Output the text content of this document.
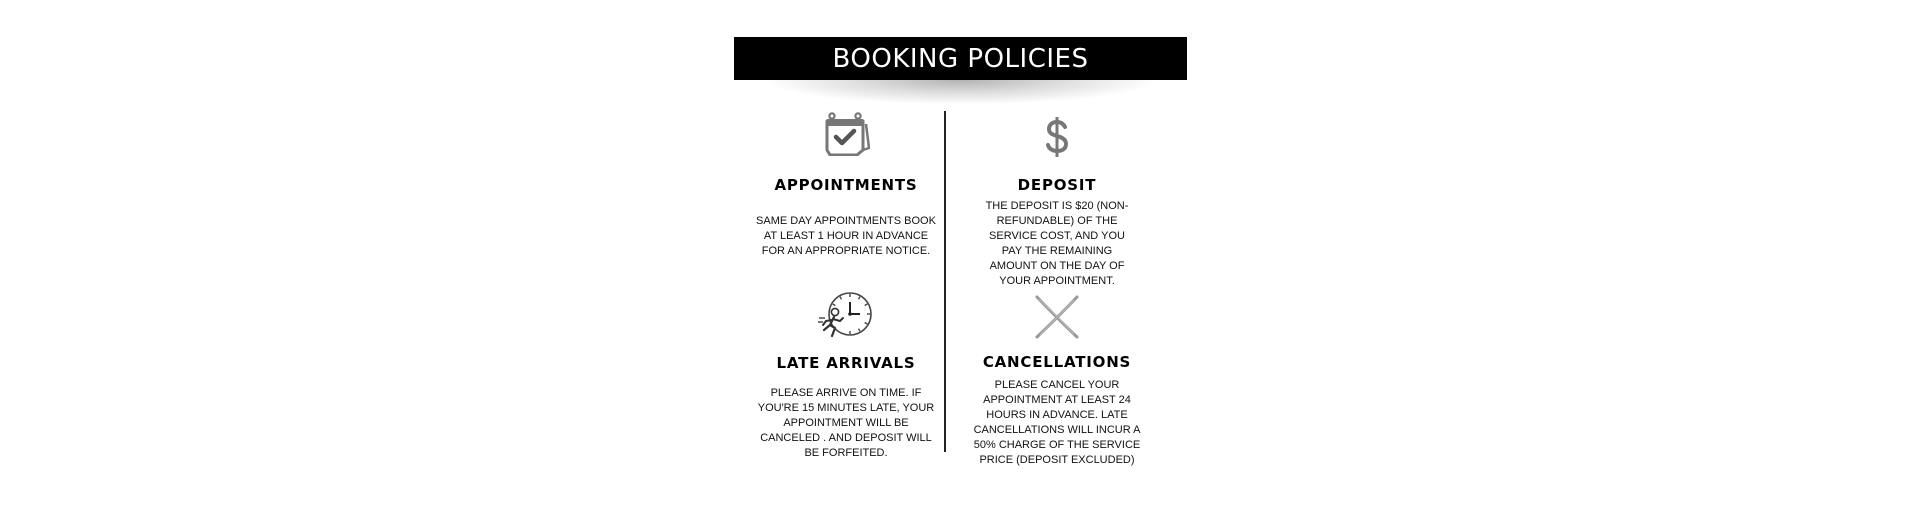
BOOKING POLICIES
APPOINTMENTS
SAME DAY APPOINTMENTS BOOK AT LEAST 1 HOUR IN ADVANCE FOR AN APPROPRIATE NOTICE.
DEPOSIT
THE DEPOSIT IS $20 (NON-REFUNDABLE) OF THE SERVICE COST, AND YOU PAY THE REMAINING AMOUNT ON THE DAY OF YOUR APPOINTMENT.
LATE ARRIVALS
PLEASE ARRIVE ON TIME. IF YOU'RE 15 MINUTES LATE, YOUR APPOINTMENT WILL BE CANCELED . AND DEPOSIT WILL BE FORFEITED.
CANCELLATIONS
PLEASE CANCEL YOUR APPOINTMENT AT LEAST 24 HOURS IN ADVANCE. LATE CANCELLATIONS WILL INCUR A 50% CHARGE OF THE SERVICE PRICE (DEPOSIT EXCLUDED)
